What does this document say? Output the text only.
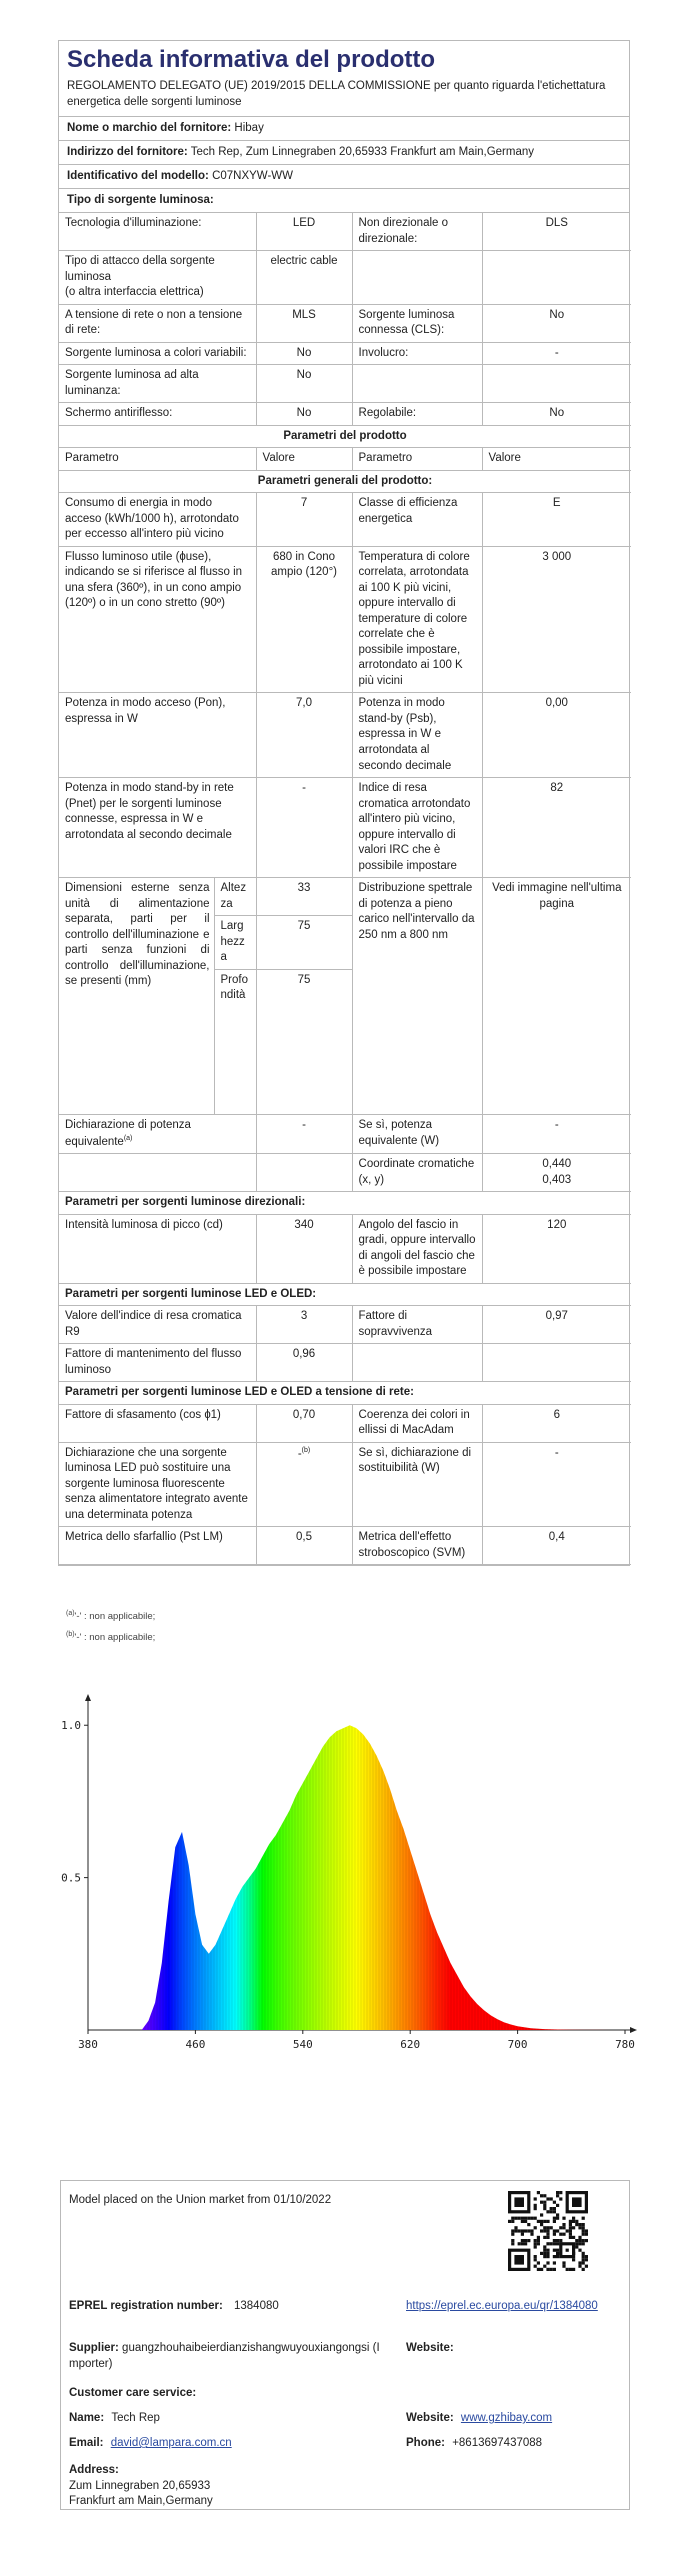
Scheda informativa del prodotto
REGOLAMENTO DELEGATO (UE) 2019/2015 DELLA COMMISSIONE per quanto riguarda l'etichettatura energetica delle sorgenti luminose
Nome o marchio del fornitore: Hibay
Indirizzo del fornitore: Tech Rep, Zum Linnegraben 20,65933 Frankfurt am Main,Germany
Identificativo del modello: C07NXYW-WW
Tipo di sorgente luminosa:
Tecnologia d'illuminazione:		LED	Non direzionale o direzionale:	DLS
Tipo di attacco della sorgente luminosa
(o altra interfaccia elettrica)		electric cable		
A tensione di rete o non a tensione di rete:		MLS	Sorgente luminosa connessa (CLS):	No
Sorgente luminosa a colori variabili:		No	Involucro:	-
Sorgente luminosa ad alta luminanza:		No		
Schermo antiriflesso:		No	Regolabile:	No
Parametri del prodotto				
Parametro		Valore	Parametro	Valore
Parametri generali del prodotto:				
Consumo di energia in modo acceso (kWh/1000 h), arrotondato per eccesso all'intero più vicino		7	Classe di efficienza energetica	E
Flusso luminoso utile (ɸuse), indicando se si riferisce al flusso in una sfera (360º), in un cono ampio (120º) o in un cono stretto (90º)		680 in Cono ampio (120°)	Temperatura di colore correlata, arrotondata ai 100 K più vicini, oppure intervallo di temperature di colore correlate che è possibile impostare, arrotondato ai 100 K più vicini	3 000
Potenza in modo acceso (Pon), espressa in W		7,0	Potenza in modo stand-by (Psb), espressa in W e arrotondata al secondo decimale	0,00
Potenza in modo stand-by in rete (Pnet) per le sorgenti luminose connesse, espressa in W e arrotondata al secondo decimale		-	Indice di resa cromatica arrotondato all'intero più vicino, oppure intervallo di valori IRC che è possibile impostare	82
Dimensioni esterne senza unità di alimentazione separata, parti per il controllo dell'illuminazione e parti senza funzioni di controllo dell'illuminazione, se presenti (mm)	Altezza	33	Distribuzione spettrale di potenza a pieno carico nell'intervallo da 250 nm a 800 nm	Vedi immagine nell'ultima pagina
	Larghezza	75		
	Profondità	75		

Dichiarazione di potenza equivalente$^{(a)}$		-	Se sì, potenza equivalente (W)	-
			Coordinate cromatiche (x, y)	0,440
0,403
Parametri per sorgenti luminose direzionali:				
Intensità luminosa di picco (cd)		340	Angolo del fascio in gradi, oppure intervallo di angoli del fascio che è possibile impostare	120
Parametri per sorgenti luminose LED e OLED:				
Valore dell'indice di resa cromatica R9		3	Fattore di sopravvivenza	0,97
Fattore di mantenimento del flusso luminoso		0,96		
Parametri per sorgenti luminose LED e OLED a tensione di rete:				
Fattore di sfasamento (cos ɸ1)		0,70	Coerenza dei colori in ellissi di MacAdam	6
Dichiarazione che una sorgente luminosa LED può sostituire una sorgente luminosa fluorescente senza alimentatore integrato avente una determinata potenza		-$^{(b)}$	Se sì, dichiarazione di sostituibilità (W)	-
Metrica dello sfarfallio (Pst LM)		0,5	Metrica dell'effetto stroboscopico (SVM)	0,4
$^{(a)}$'-' : non applicabile;
$^{(b)}$'-' : non applicabile;
380	460	540	620	700	780
0.5
1.0
Model placed on the Union market from 01/10/2022
EPREL registration number: 1384080	https://eprel.ec.europa.eu/qr/1384080
Supplier: guangzhouhaibeierdianzishangwuyouxiangongsi (Importer)
Website:
Customer care service:
Name: Tech Rep	Website: www.gzhibay.com
Email: david@lampara.com.cn	Phone: +8613697437088
Address:
Zum Linnegraben 20,65933
Frankfurt am Main,Germany
